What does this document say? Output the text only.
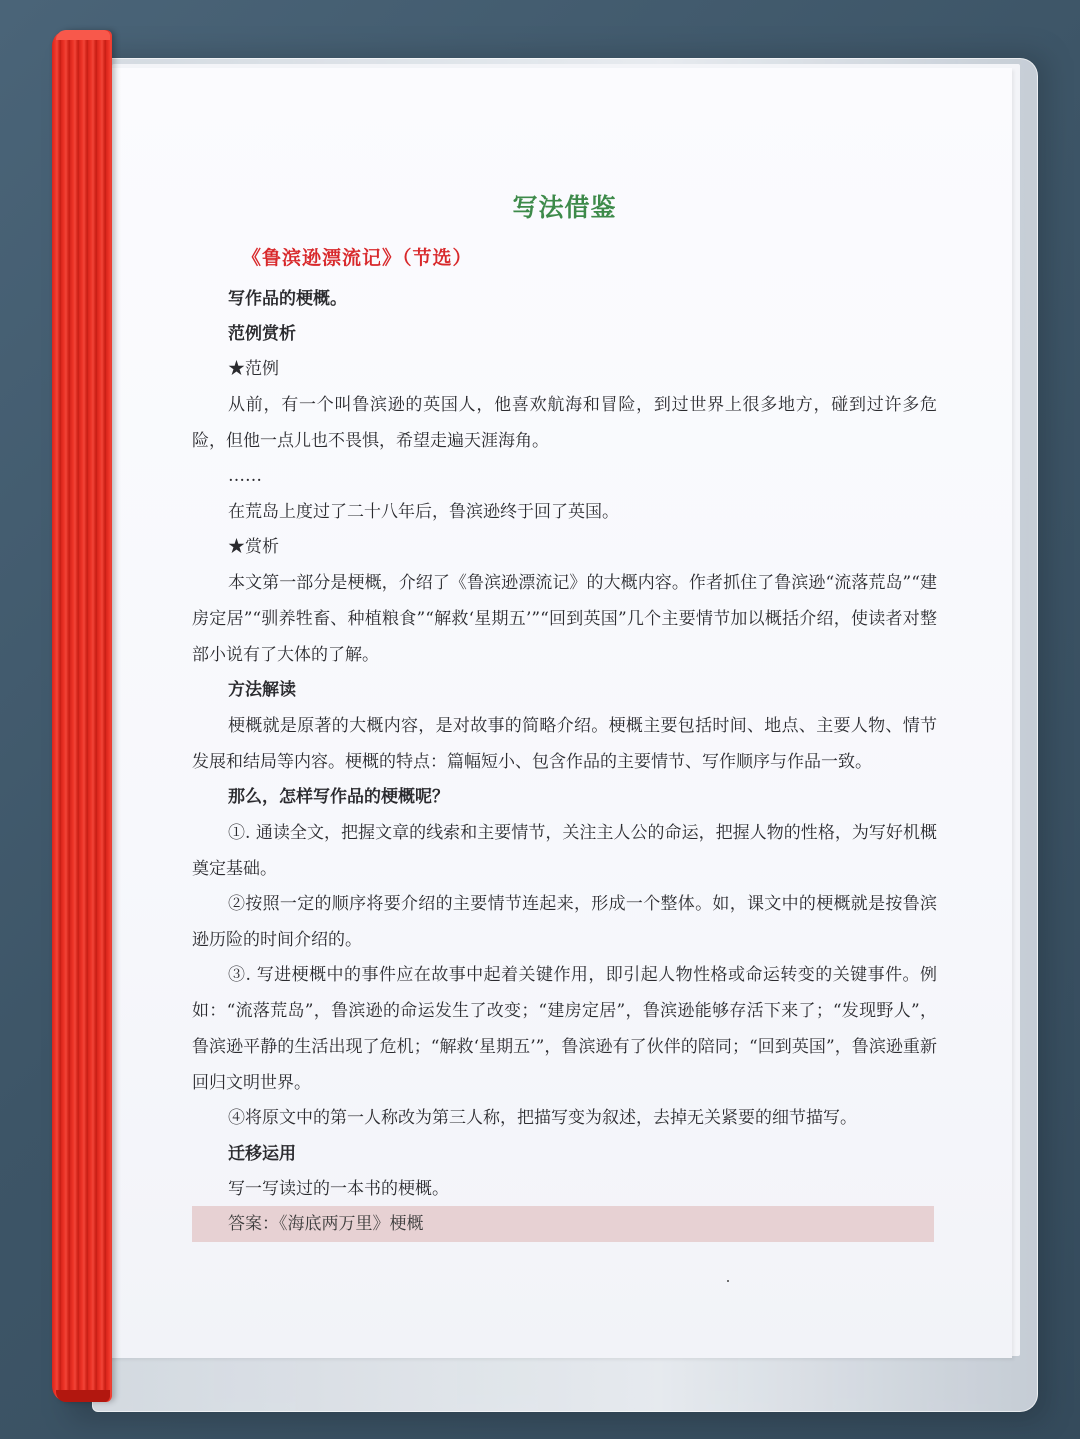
写法借鉴
《鲁滨逊漂流记》（节选）
写作品的梗概。
范例赏析
★范例
从前，有一个叫鲁滨逊的英国人，他喜欢航海和冒险，到过世界上很多地方，碰到过许多危险，但他一点儿也不畏惧，希望走遍天涯海角。
……
在荒岛上度过了二十八年后，鲁滨逊终于回了英国。
★赏析
本文第一部分是梗概，介绍了《鲁滨逊漂流记》的大概内容。作者抓住了鲁滨逊“流落荒岛”“建房定居”“驯养牲畜、种植粮食”“解救‘星期五’”“回到英国”几个主要情节加以概括介绍，使读者对整部小说有了大体的了解。
方法解读
梗概就是原著的大概内容，是对故事的简略介绍。梗概主要包括时间、地点、主要人物、情节发展和结局等内容。梗概的特点：篇幅短小、包含作品的主要情节、写作顺序与作品一致。
那么，怎样写作品的梗概呢？
①. 通读全文，把握文章的线索和主要情节，关注主人公的命运，把握人物的性格，为写好机概奠定基础。
②按照一定的顺序将要介绍的主要情节连起来，形成一个整体。如，课文中的梗概就是按鲁滨逊历险的时间介绍的。
③. 写进梗概中的事件应在故事中起着关键作用，即引起人物性格或命运转变的关键事件。例如：“流落荒岛”，鲁滨逊的命运发生了改变；“建房定居”，鲁滨逊能够存活下来了；“发现野人”，鲁滨逊平静的生活出现了危机；“解救‘星期五’”，鲁滨逊有了伙伴的陪同；“回到英国”，鲁滨逊重新回归文明世界。
④将原文中的第一人称改为第三人称，把描写变为叙述，去掉无关紧要的细节描写。
迁移运用
写一写读过的一本书的梗概。
答案：《海底两万里》梗概
